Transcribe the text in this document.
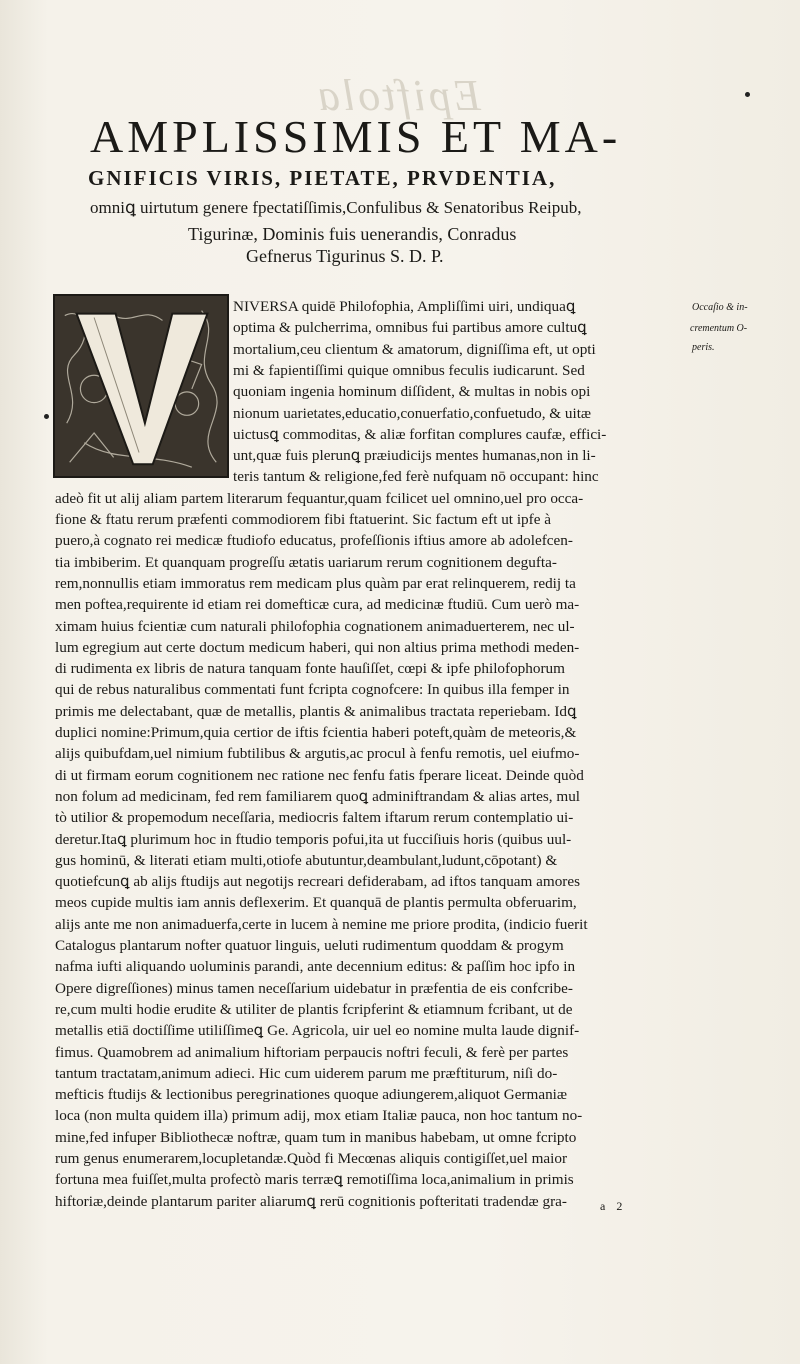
Epiftola
AMPLISSIMIS ET MA-
GNIFICIS VIRIS, PIETATE, PRVDENTIA,
omniꝗ uirtutum genere fpectatiſſimis,Confulibus & Senatoribus Reipub,
Tigurinæ, Dominis fuis uenerandis, Conradus
Gefnerus Tigurinus S. D. P.
NIVERSA quidē Philofophia, Ampliſſimi uiri, undiquaꝗ
optima & pulcherrima, omnibus fui partibus amore cultuꝗ
mortalium,ceu clientum & amatorum, digniſſima eft, ut opti
mi & fapientiſſimi quique omnibus feculis iudicarunt. Sed
quoniam ingenia hominum diſſident, & multas in nobis opi
nionum uarietates,educatio,conuerfatio,confuetudo, & uitæ
uictusꝗ commoditas, & aliæ forfitan complures caufæ, effici-
unt,quæ fuis plerunꝗ præiudicijs mentes humanas,non in li-
teris tantum & religione,fed ferè nufquam nō occupant: hinc
adeò fit ut alij aliam partem literarum fequantur,quam fcilicet uel omnino,uel pro occa-
fione & ftatu rerum præfenti commodiorem fibi ftatuerint. Sic factum eft ut ipfe à
puero,à cognato rei medicæ ftudiofo educatus, profeſſionis iftius amore ab adolefcen-
tia imbiberim. Et quanquam progreſſu ætatis uariarum rerum cognitionem degufta-
rem,nonnullis etiam immoratus rem medicam plus quàm par erat relinquerem, redij ta
men poftea,requirente id etiam rei domefticæ cura, ad medicinæ ftudiū. Cum uerò ma-
ximam huius fcientiæ cum naturali philofophia cognationem animaduerterem, nec ul-
lum egregium aut certe doctum medicum haberi, qui non altius prima methodi meden-
di rudimenta ex libris de natura tanquam fonte hauſiſſet, cœpi & ipfe philofophorum
qui de rebus naturalibus commentati funt fcripta cognofcere: In quibus illa femper in
primis me delectabant, quæ de metallis, plantis & animalibus tractata reperiebam. Idꝗ
duplici nomine:Primum,quia certior de iftis fcientia haberi poteft,quàm de meteoris,&
alijs quibufdam,uel nimium fubtilibus & argutis,ac procul à fenfu remotis, uel eiufmo-
di ut firmam eorum cognitionem nec ratione nec fenfu fatis fperare liceat. Deinde quòd
non folum ad medicinam, fed rem familiarem quoꝗ adminiftrandam & alias artes, mul
tò utilior & propemodum neceſſaria, mediocris faltem iftarum rerum contemplatio ui-
deretur.Itaꝗ plurimum hoc in ftudio temporis pofui,ita ut fucciſiuis horis (quibus uul-
gus hominū, & literati etiam multi,otiofe abutuntur,deambulant,ludunt,cōpotant) &
quotiefcunꝗ ab alijs ftudijs aut negotijs recreari defiderabam, ad iftos tanquam amores
meos cupide multis iam annis deflexerim. Et quanquā de plantis permulta obferuarim,
alijs ante me non animaduerfa,certe in lucem à nemine me priore prodita, (indicio fuerit
Catalogus plantarum nofter quatuor linguis, ueluti rudimentum quoddam & progym
nafma iufti aliquando uoluminis parandi, ante decennium editus: & paſſim hoc ipfo in
Opere digreſſiones) minus tamen neceſſarium uidebatur in præfentia de eis confcribe-
re,cum multi hodie erudite & utiliter de plantis fcripferint & etiamnum fcribant, ut de
metallis etiā doctiſſime utiliſſimeꝗ Ge. Agricola, uir uel eo nomine multa laude dignif-
fimus. Quamobrem ad animalium hiftoriam perpaucis noftri feculi, & ferè per partes
tantum tractatam,animum adieci. Hic cum uiderem parum me præftiturum, niſi do-
mefticis ftudijs & lectionibus peregrinationes quoque adiungerem,aliquot Germaniæ
loca (non multa quidem illa) primum adij, mox etiam Italiæ pauca, non hoc tantum no-
mine,fed infuper Bibliothecæ noftræ, quam tum in manibus habebam, ut omne fcripto
rum genus enumerarem,locupletandæ.Quòd fi Mecœnas aliquis contigiſſet,uel maior
fortuna mea fuiſſet,multa profectò maris terræꝗ remotiſſima loca,animalium in primis
hiftoriæ,deinde plantarum pariter aliarumꝗ rerū cognitionis pofteritati tradendæ gra-
Occaſio & in-
crementum O-
peris.
a 2
